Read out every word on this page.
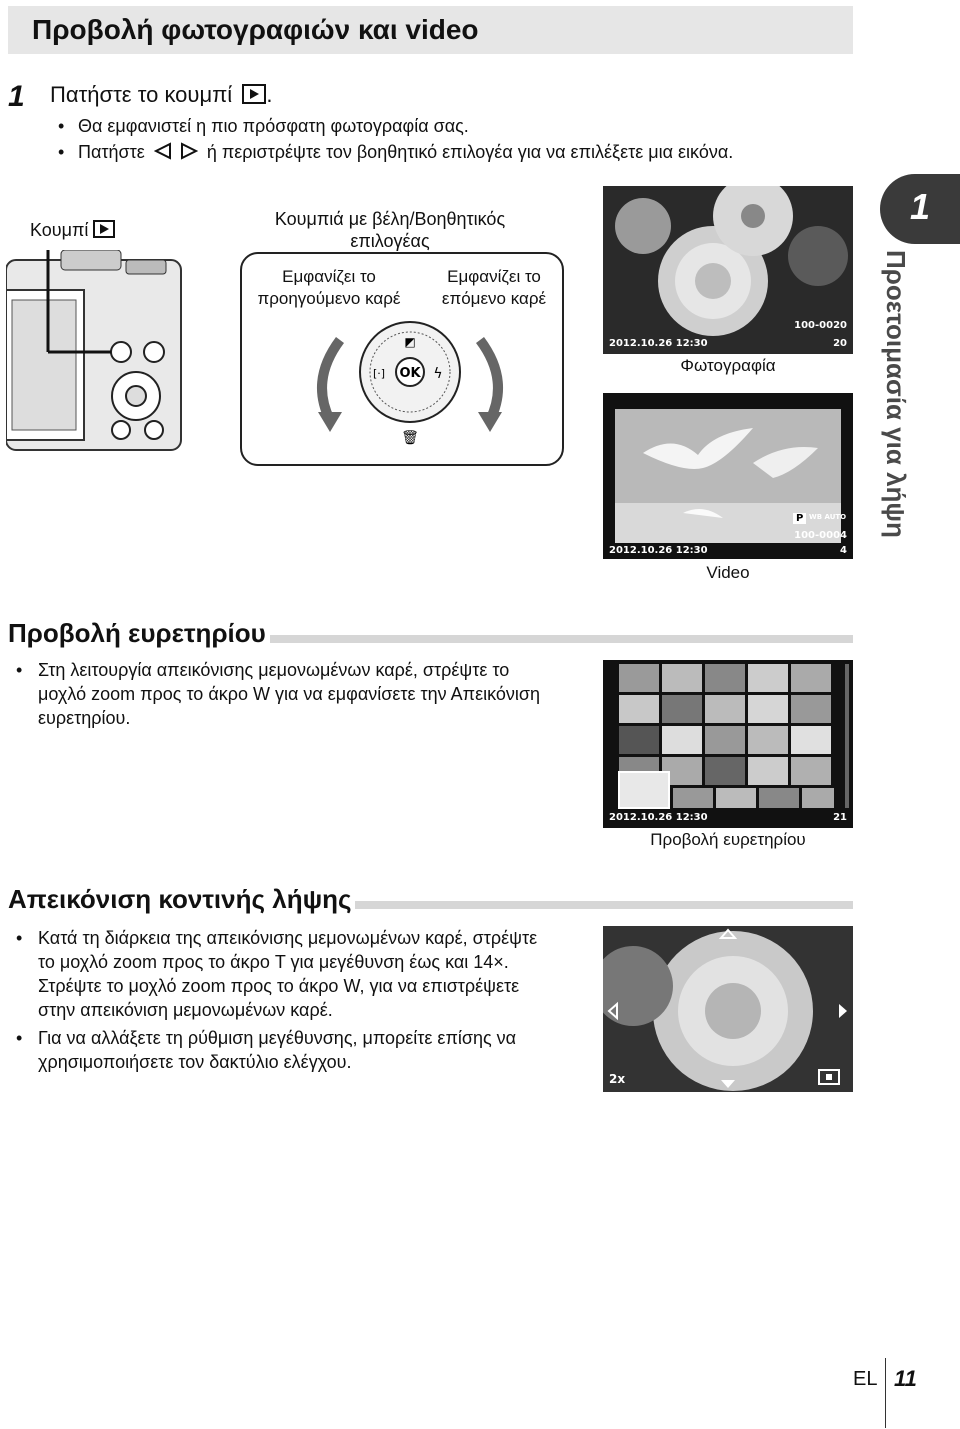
Προβολή φωτογραφιών και video
1 Πατήστε το κουμπί .
• Θα εμφανιστεί η πιο πρόσφατη φωτογραφία σας.
• Πατήστε	ή περιστρέψτε τον βοηθητικό επιλογέα για να επιλέξετε μια εικόνα.
Κουμπί
Κουμπιά με βέλη/Βοηθητικός επιλογέας
Εμφανίζει το προηγούμενο καρέ
Εμφανίζει το επόμενο καρέ
OK
◩
[·]	ϟ
🗑
100-0020
2012.10.26 12:30	20
Φωτογραφία
P WB AUTO
100-0004
2012.10.26 12:30	4
Video
1
Προετοιμασία για λήψη
Προβολή ευρετηρίου
• Στη λειτουργία απεικόνισης μεμονωμένων καρέ, στρέψτε το μοχλό zoom προς το άκρο W για να εμφανίσετε την Απεικόνιση ευρετηρίου.
2012.10.26 12:30	21
Προβολή ευρετηρίου
Απεικόνιση κοντινής λήψης
• Κατά τη διάρκεια της απεικόνισης μεμονωμένων καρέ, στρέψτε το μοχλό zoom προς το άκρο T για μεγέθυνση έως και 14×. Στρέψτε το μοχλό zoom προς το άκρο W, για να επιστρέψετε στην απεικόνιση μεμονωμένων καρέ.
• Για να αλλάξετε τη ρύθμιση μεγέθυνσης, μπορείτε επίσης να χρησιμοποιήσετε τον δακτύλιο ελέγχου.
2x
EL 11
